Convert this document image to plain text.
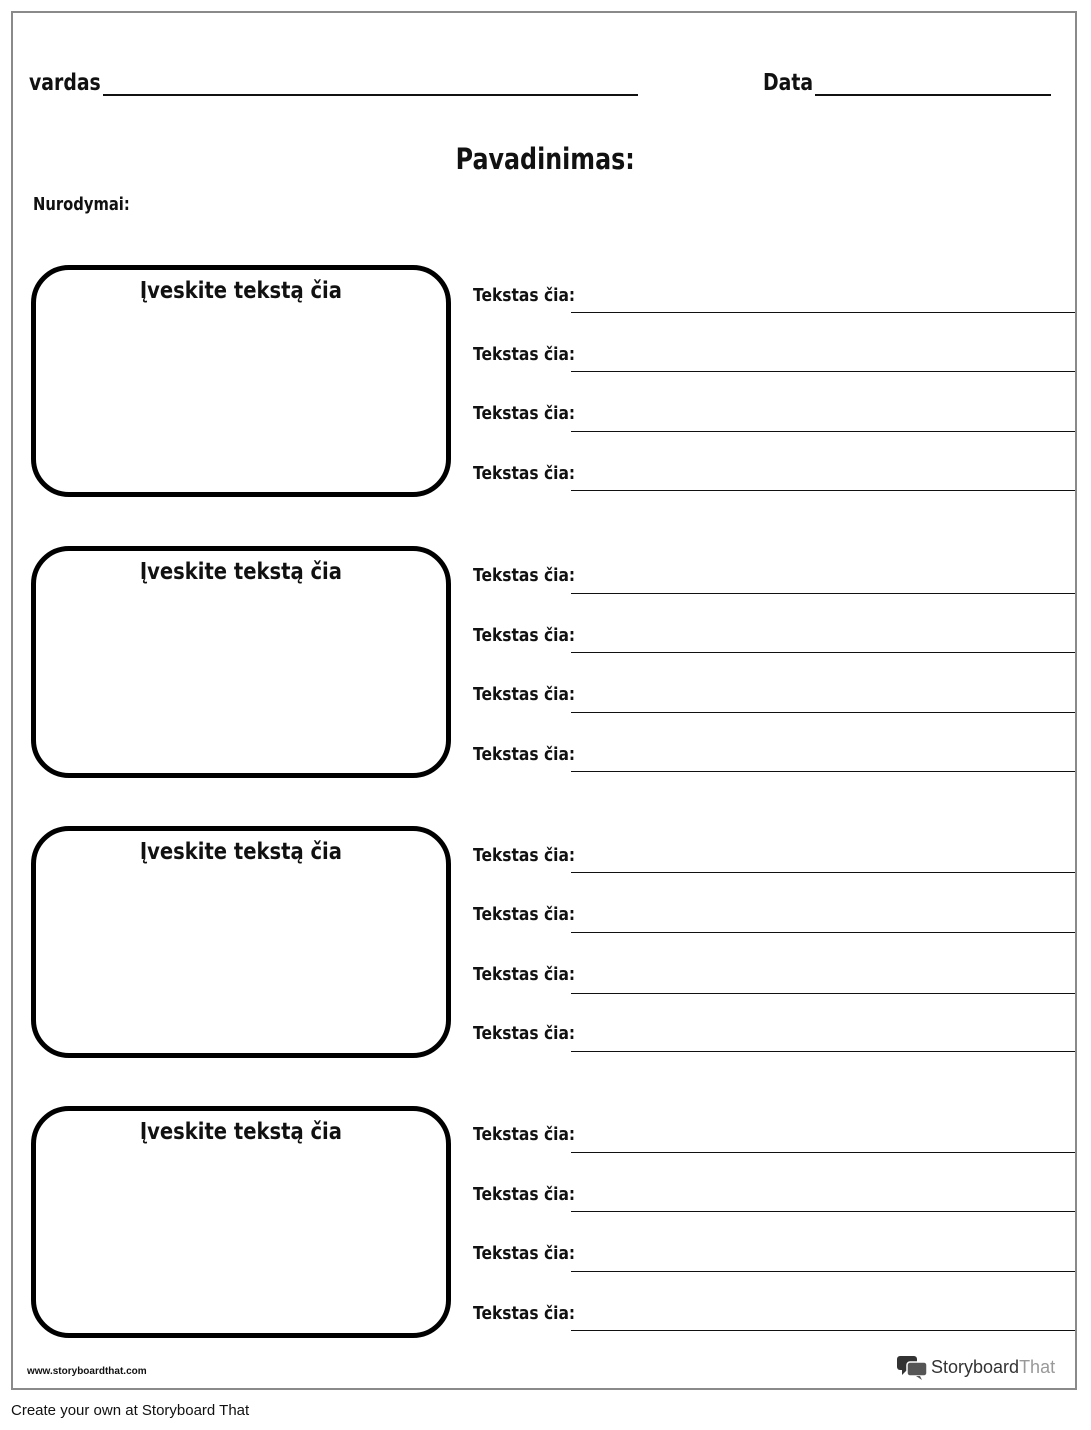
vardas	Data
Pavadinimas:
Nurodymai:
Įveskite tekstą čia	Tekstas čia:
Tekstas čia:
Tekstas čia:
Tekstas čia:
Įveskite tekstą čia	Tekstas čia:
Tekstas čia:
Tekstas čia:
Tekstas čia:
Įveskite tekstą čia	Tekstas čia:
Tekstas čia:
Tekstas čia:
Tekstas čia:
Įveskite tekstą čia	Tekstas čia:
Tekstas čia:
Tekstas čia:
Tekstas čia:
www.storyboardthat.com	StoryboardThat
Create your own at Storyboard That
